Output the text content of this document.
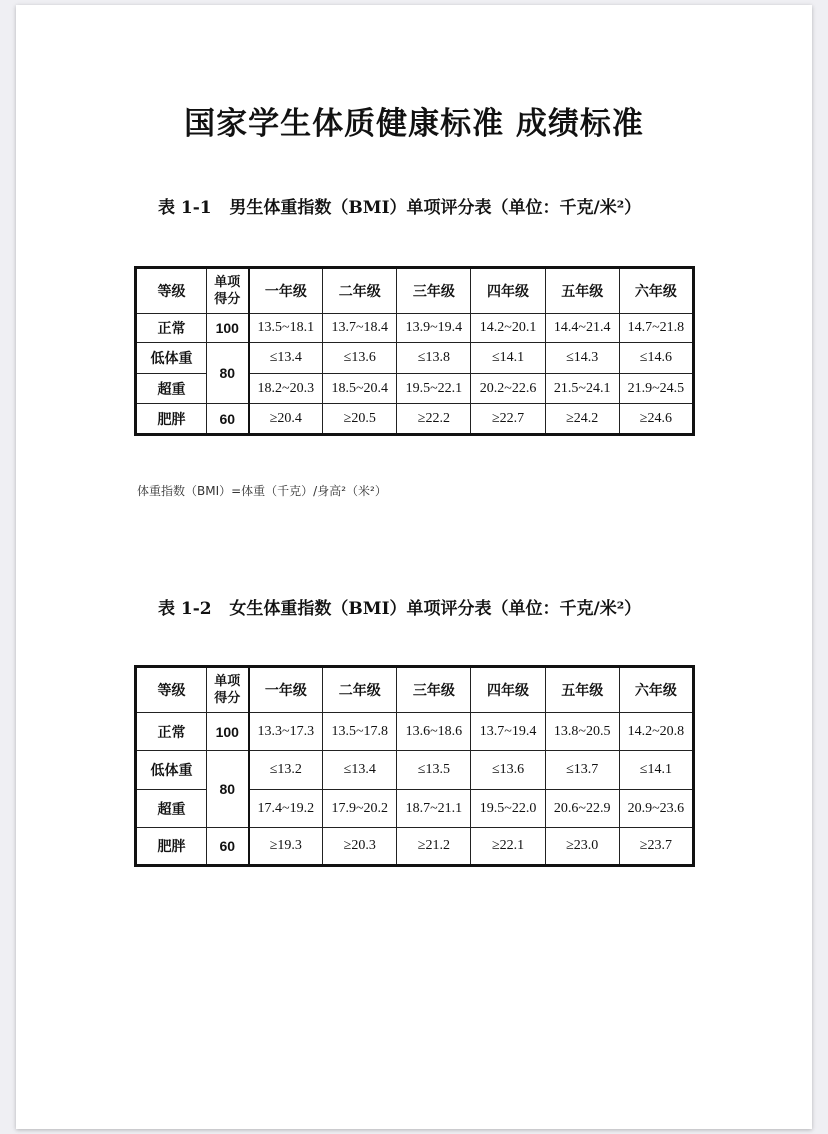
国家学生体质健康标准 成绩标准
表 1-1   男生体重指数（BMI）单项评分表（单位：千克/米²）
等级	单项得分	一年级	二年级	三年级	四年级	五年级	六年级
正常	100	13.5~18.1	13.7~18.4	13.9~19.4	14.2~20.1	14.4~21.4	14.7~21.8
低体重	80	≤13.4	≤13.6	≤13.8	≤14.1	≤14.3	≤14.6
超重		18.2~20.3	18.5~20.4	19.5~22.1	20.2~22.6	21.5~24.1	21.9~24.5
肥胖	60	≥20.4	≥20.5	≥22.2	≥22.7	≥24.2	≥24.6
体重指数（BMI）=体重（千克）/身高²（米²）
表 1-2   女生体重指数（BMI）单项评分表（单位：千克/米²）
等级	单项得分	一年级	二年级	三年级	四年级	五年级	六年级
正常	100	13.3~17.3	13.5~17.8	13.6~18.6	13.7~19.4	13.8~20.5	14.2~20.8
低体重	80	≤13.2	≤13.4	≤13.5	≤13.6	≤13.7	≤14.1
超重		17.4~19.2	17.9~20.2	18.7~21.1	19.5~22.0	20.6~22.9	20.9~23.6
肥胖	60	≥19.3	≥20.3	≥21.2	≥22.1	≥23.0	≥23.7
